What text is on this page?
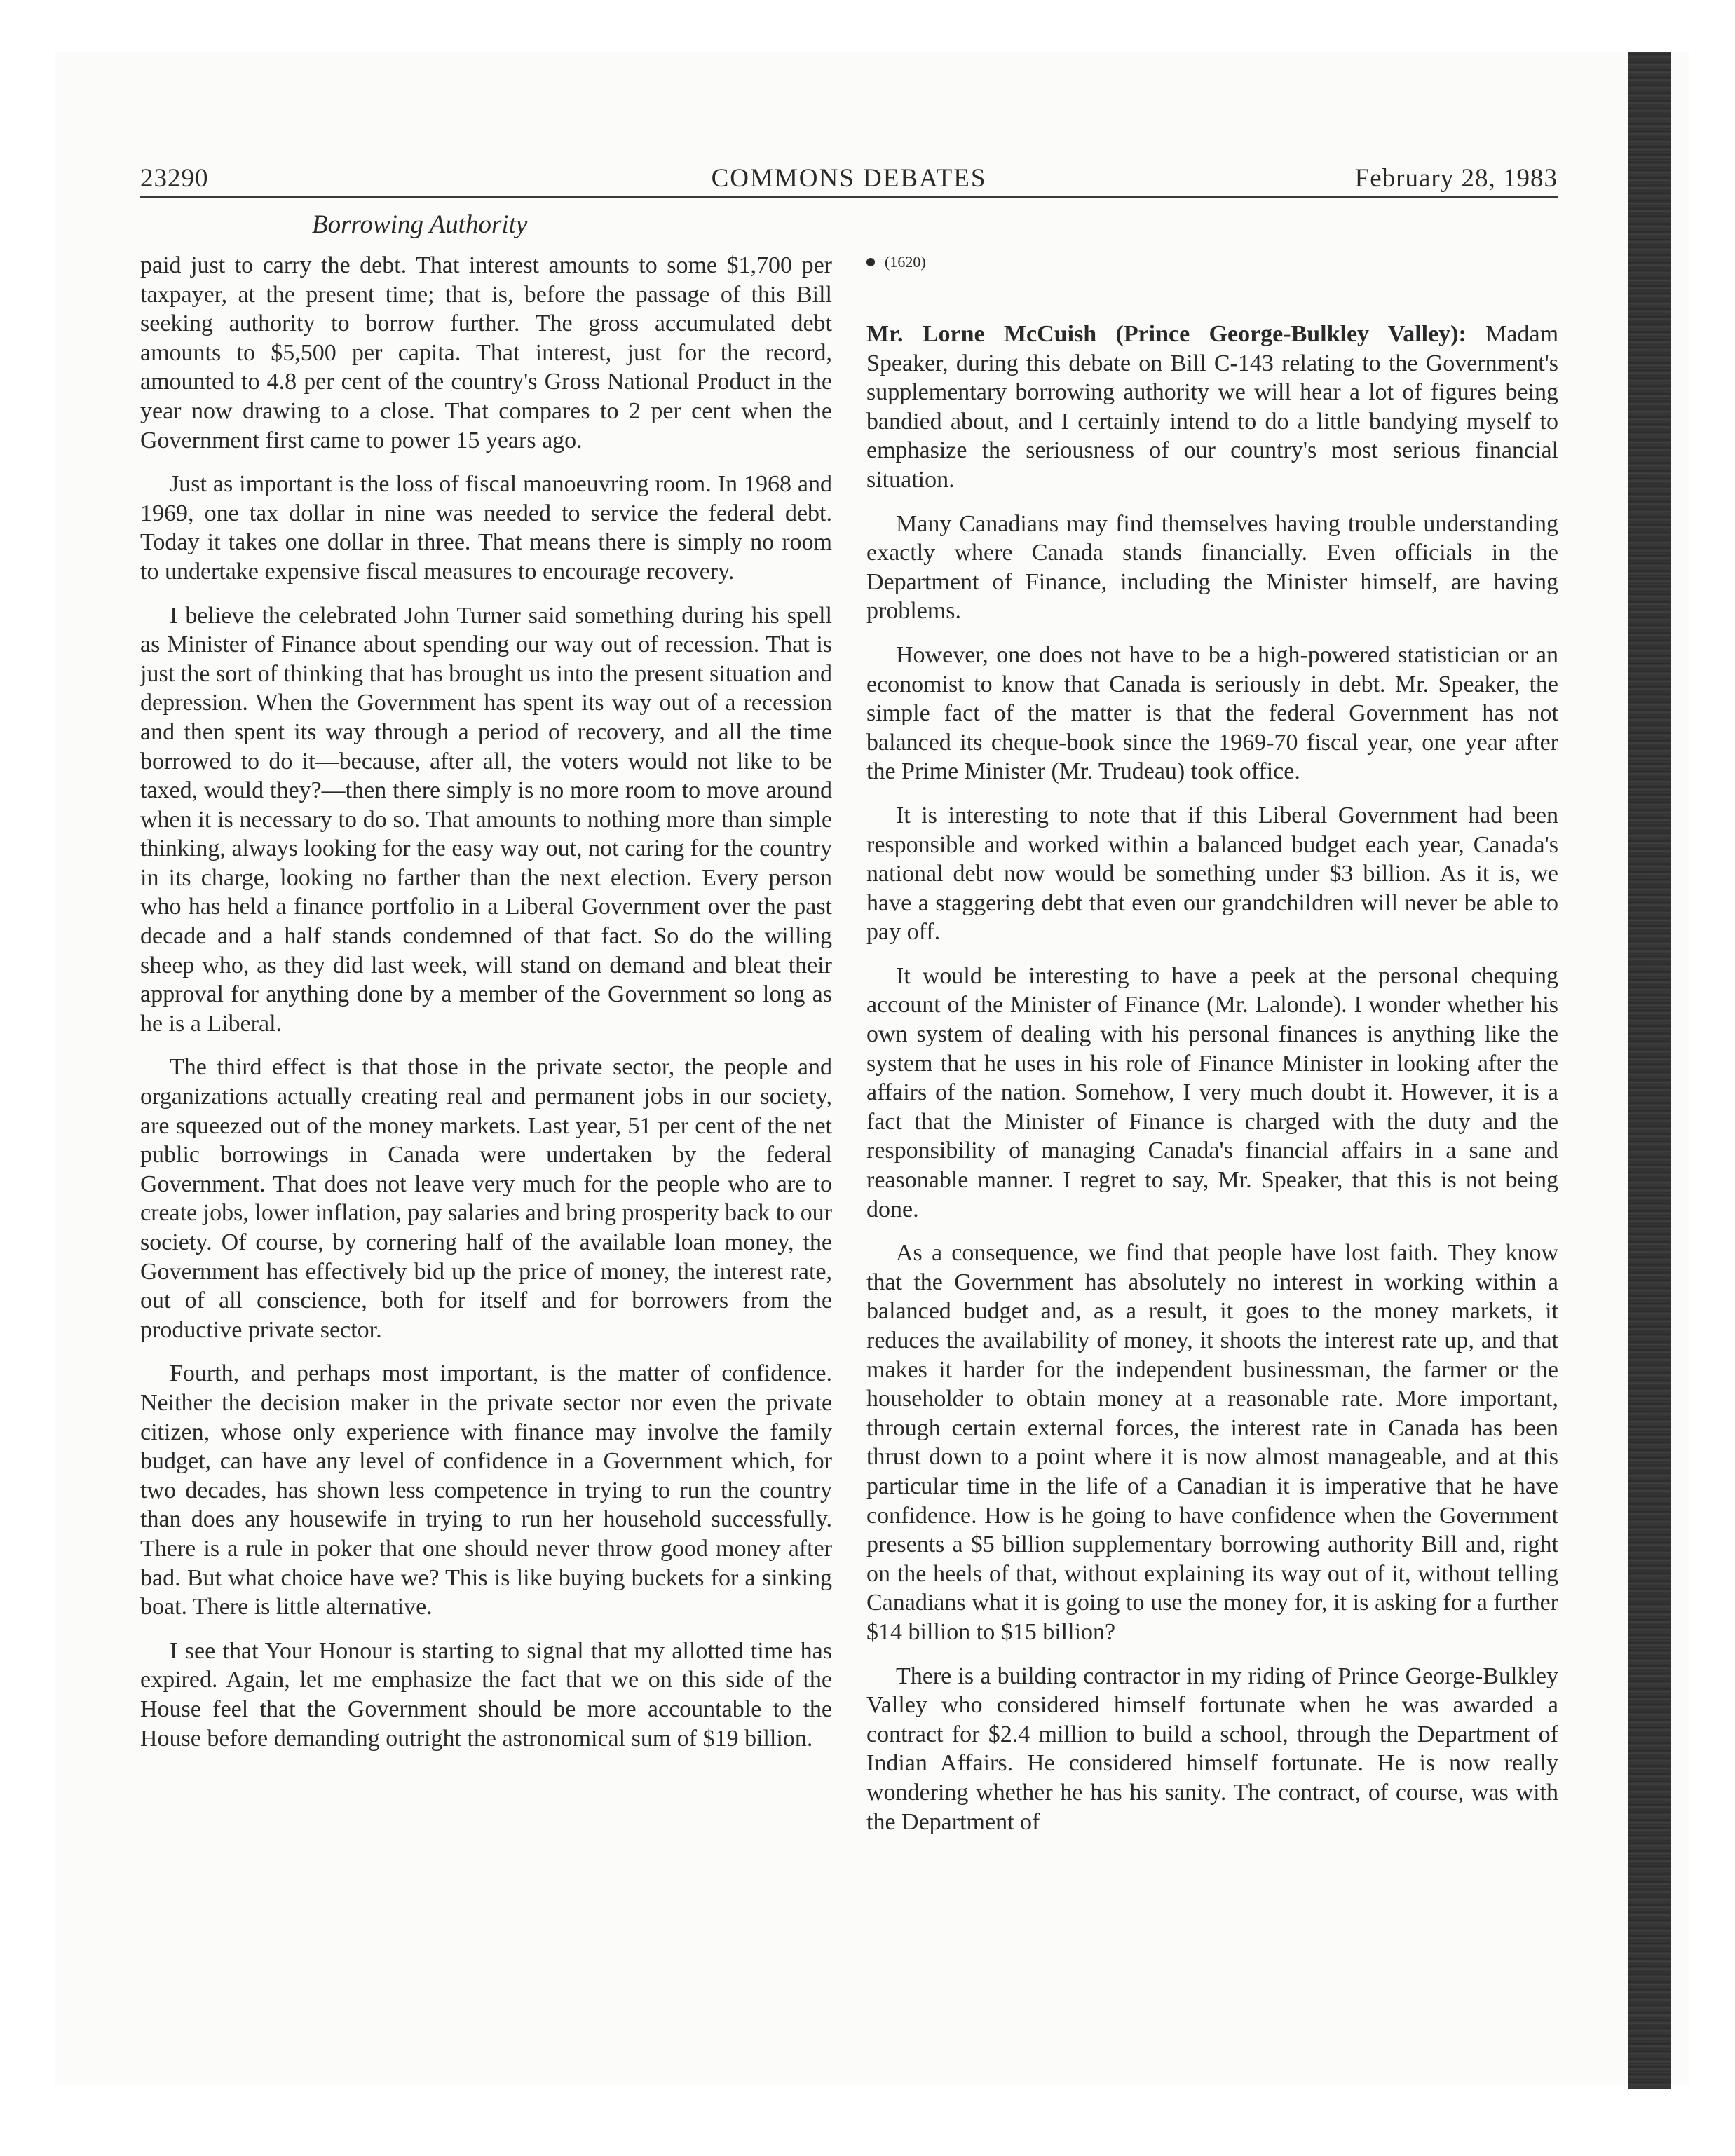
23290	COMMONS DEBATES	February 28, 1983
Borrowing Authority

paid just to carry the debt. That interest amounts to some $1,700 per taxpayer, at the present time; that is, before the passage of this Bill seeking authority to borrow further. The gross accumulated debt amounts to $5,500 per capita. That interest, just for the record, amounted to 4.8 per cent of the country's Gross National Product in the year now drawing to a close. That compares to 2 per cent when the Government first came to power 15 years ago.

Just as important is the loss of fiscal manoeuvring room. In 1968 and 1969, one tax dollar in nine was needed to service the federal debt. Today it takes one dollar in three. That means there is simply no room to undertake expensive fiscal measures to encourage recovery.

I believe the celebrated John Turner said something during his spell as Minister of Finance about spending our way out of recession. That is just the sort of thinking that has brought us into the present situation and depression. When the Government has spent its way out of a recession and then spent its way through a period of recovery, and all the time borrowed to do it—because, after all, the voters would not like to be taxed, would they?—then there simply is no more room to move around when it is necessary to do so. That amounts to nothing more than simple thinking, always looking for the easy way out, not caring for the country in its charge, looking no farther than the next election. Every person who has held a finance portfolio in a Liberal Government over the past decade and a half stands condemned of that fact. So do the willing sheep who, as they did last week, will stand on demand and bleat their approval for anything done by a member of the Government so long as he is a Liberal.

The third effect is that those in the private sector, the people and organizations actually creating real and permanent jobs in our society, are squeezed out of the money markets. Last year, 51 per cent of the net public borrowings in Canada were undertaken by the federal Government. That does not leave very much for the people who are to create jobs, lower inflation, pay salaries and bring prosperity back to our society. Of course, by cornering half of the available loan money, the Government has effectively bid up the price of money, the interest rate, out of all conscience, both for itself and for borrowers from the productive private sector.

Fourth, and perhaps most important, is the matter of confidence. Neither the decision maker in the private sector nor even the private citizen, whose only experience with finance may involve the family budget, can have any level of confidence in a Government which, for two decades, has shown less competence in trying to run the country than does any housewife in trying to run her household successfully. There is a rule in poker that one should never throw good money after bad. But what choice have we? This is like buying buckets for a sinking boat. There is little alternative.

I see that Your Honour is starting to signal that my allotted time has expired. Again, let me emphasize the fact that we on this side of the House feel that the Government should be more accountable to the House before demanding outright the astronomical sum of $19 billion.

(1620)

Mr. Lorne McCuish (Prince George-Bulkley Valley): Madam Speaker, during this debate on Bill C-143 relating to the Government's supplementary borrowing authority we will hear a lot of figures being bandied about, and I certainly intend to do a little bandying myself to emphasize the seriousness of our country's most serious financial situation.

Many Canadians may find themselves having trouble understanding exactly where Canada stands financially. Even officials in the Department of Finance, including the Minister himself, are having problems.

However, one does not have to be a high-powered statistician or an economist to know that Canada is seriously in debt. Mr. Speaker, the simple fact of the matter is that the federal Government has not balanced its cheque-book since the 1969-70 fiscal year, one year after the Prime Minister (Mr. Trudeau) took office.

It is interesting to note that if this Liberal Government had been responsible and worked within a balanced budget each year, Canada's national debt now would be something under $3 billion. As it is, we have a staggering debt that even our grandchildren will never be able to pay off.

It would be interesting to have a peek at the personal chequing account of the Minister of Finance (Mr. Lalonde). I wonder whether his own system of dealing with his personal finances is anything like the system that he uses in his role of Finance Minister in looking after the affairs of the nation. Somehow, I very much doubt it. However, it is a fact that the Minister of Finance is charged with the duty and the responsibility of managing Canada's financial affairs in a sane and reasonable manner. I regret to say, Mr. Speaker, that this is not being done.

As a consequence, we find that people have lost faith. They know that the Government has absolutely no interest in working within a balanced budget and, as a result, it goes to the money markets, it reduces the availability of money, it shoots the interest rate up, and that makes it harder for the independent businessman, the farmer or the householder to obtain money at a reasonable rate. More important, through certain external forces, the interest rate in Canada has been thrust down to a point where it is now almost manageable, and at this particular time in the life of a Canadian it is imperative that he have confidence. How is he going to have confidence when the Government presents a $5 billion supplementary borrowing authority Bill and, right on the heels of that, without explaining its way out of it, without telling Canadians what it is going to use the money for, it is asking for a further $14 billion to $15 billion?

There is a building contractor in my riding of Prince George-Bulkley Valley who considered himself fortunate when he was awarded a contract for $2.4 million to build a school, through the Department of Indian Affairs. He considered himself fortunate. He is now really wondering whether he has his sanity. The contract, of course, was with the Department of
